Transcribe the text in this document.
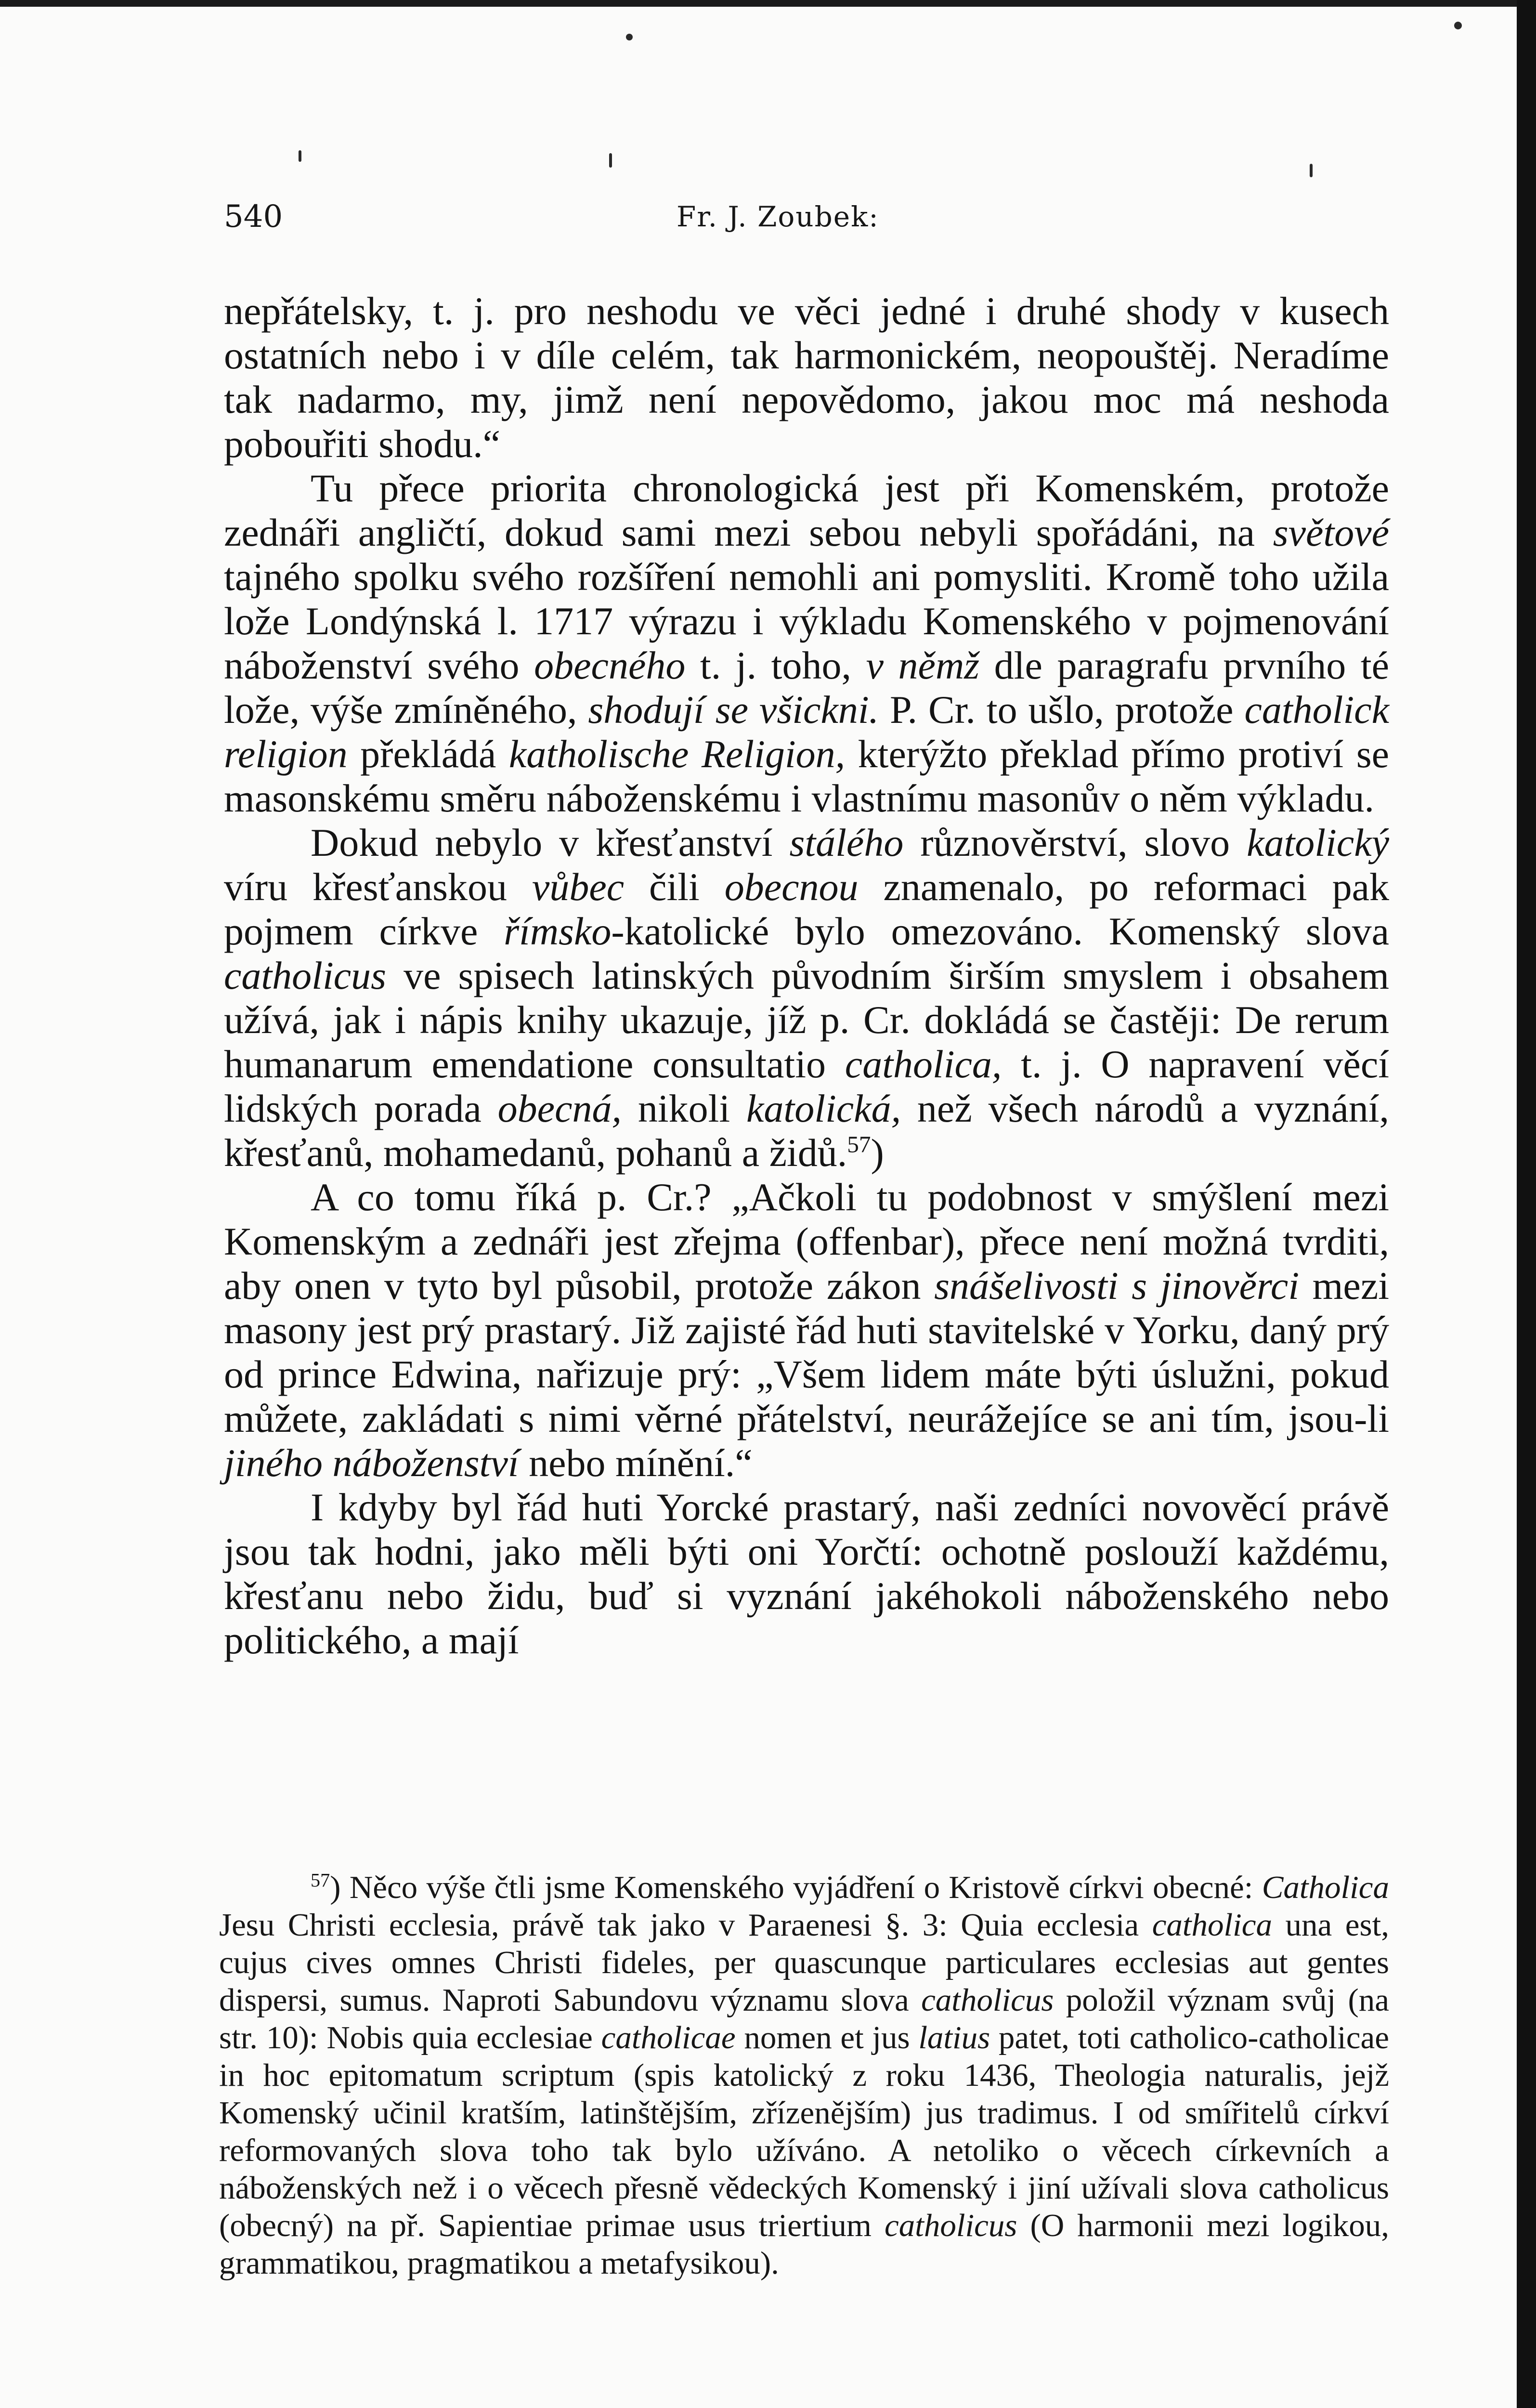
540	Fr. J. Zoubek:

nepřátelsky, t. j. pro neshodu ve věci jedné i druhé shody v kusech ostatních nebo i v díle celém, tak harmonickém, neopouštěj. Neradíme tak nadarmo, my, jimž není nepovědomo, jakou moc má neshoda pobouřiti shodu.“

Tu přece priorita chronologická jest při Komenském, protože zednáři angličtí, dokud sami mezi sebou nebyli spořádáni, na světové tajného spolku svého rozšíření nemohli ani pomysliti. Kromě toho užila lože Londýnská l. 1717 výrazu i výkladu Komenského v pojmenování náboženství svého obecného t. j. toho, v němž dle paragrafu prvního té lože, výše zmíněného, shodují se všickni. P. Cr. to ušlo, protože catholick religion překládá katholische Religion, kterýžto překlad přímo protiví se masonskému směru náboženskému i vlastnímu masonův o něm výkladu.

Dokud nebylo v křesťanství stálého různověrství, slovo katolický víru křesťanskou vůbec čili obecnou znamenalo, po reformaci pak pojmem církve římsko-katolické bylo omezováno. Komenský slova catholicus ve spisech latinských původním širším smyslem i obsahem užívá, jak i nápis knihy ukazuje, jíž p. Cr. dokládá se častěji: De rerum humanarum emendatione consultatio catholica, t. j. O napravení věcí lidských porada obecná, nikoli katolická, než všech národů a vyznání, křesťanů, mohamedanů, pohanů a židů.$^{57}$)

A co tomu říká p. Cr.? „Ačkoli tu podobnost v smýšlení mezi Komenským a zednáři jest zřejma (offenbar), přece není možná tvrditi, aby onen v tyto byl působil, protože zákon snášelivosti s jinověrci mezi masony jest prý prastarý. Již zajisté řád huti stavitelské v Yorku, daný prý od prince Edwina, nařizuje prý: „Všem lidem máte býti úslužni, pokud můžete, zakládati s nimi věrné přátelství, neurážejíce se ani tím, jsou-li jiného náboženství nebo mínění.“

I kdyby byl řád huti Yorcké prastarý, naši zedníci novověcí právě jsou tak hodni, jako měli býti oni Yorčtí: ochotně poslouží každému, křesťanu nebo židu, buď si vyznání jakéhokoli náboženského nebo politického, a mají

$^{57}$) Něco výše čtli jsme Komenského vyjádření o Kristově církvi obecné: Catholica Jesu Christi ecclesia, právě tak jako v Paraenesi §. 3: Quia ecclesia catholica una est, cujus cives omnes Christi fideles, per quascunque particulares ecclesias aut gentes dispersi, sumus. Naproti Sabundovu významu slova catholicus položil význam svůj (na str. 10): Nobis quia ecclesiae catholicae nomen et jus latius patet, toti catholico-catholicae in hoc epitomatum scriptum (spis katolický z roku 1436, Theologia naturalis, jejž Komenský učinil kratším, latinštějším, zřízenějším) jus tradimus. I od smířitelů církví reformovaných slova toho tak bylo užíváno. A netoliko o věcech církevních a náboženských než i o věcech přesně vědeckých Komenský i jiní užívali slova catholicus (obecný) na př. Sapientiae primae usus triertium catholicus (O harmonii mezi logikou, grammatikou, pragmatikou a metafysikou).
